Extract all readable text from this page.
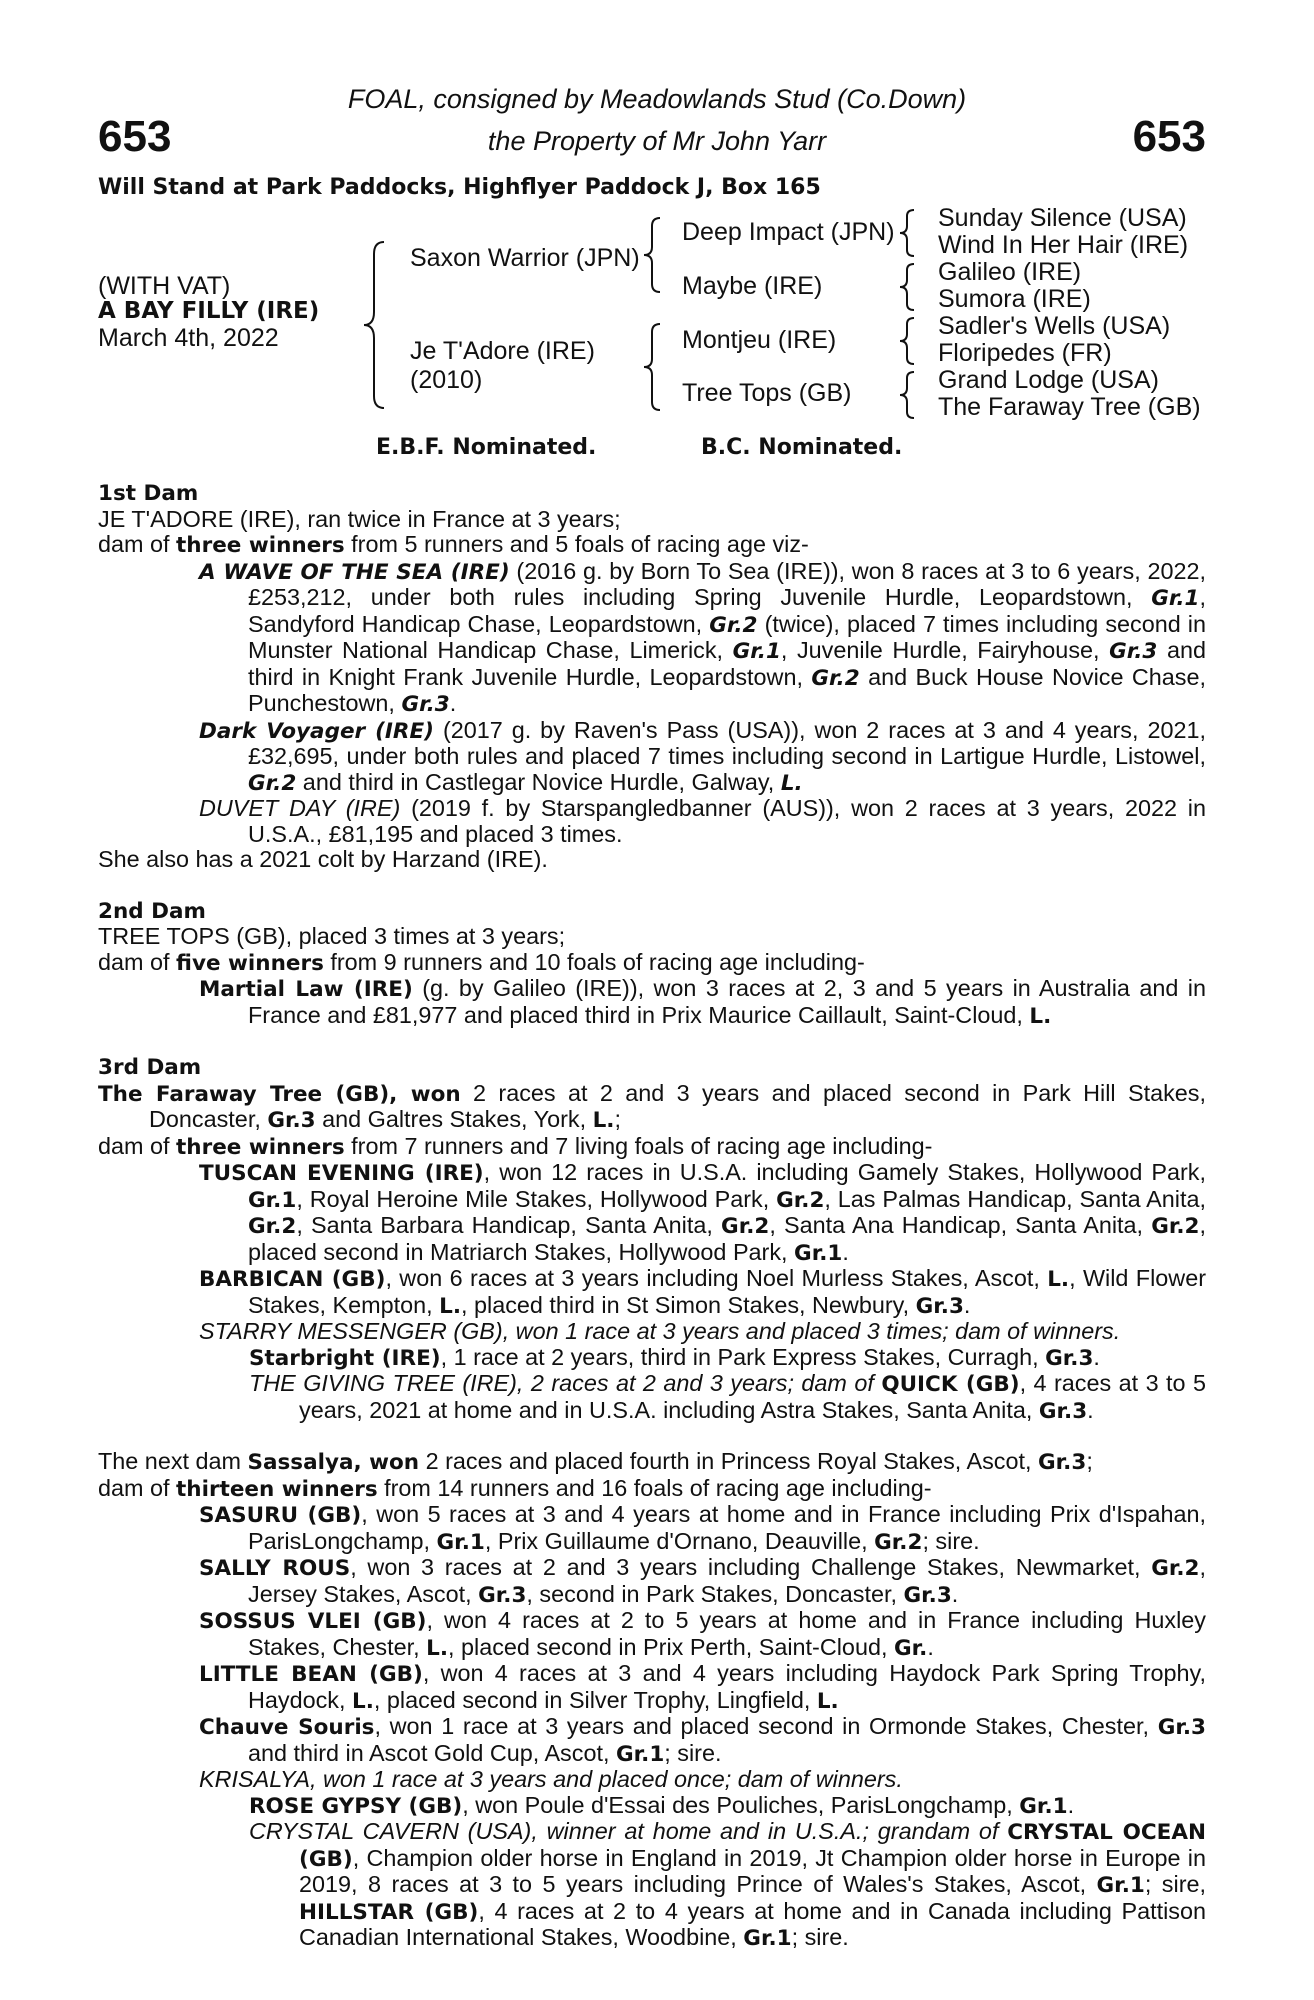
653	653
FOAL, consigned by Meadowlands Stud (Co.Down)
the Property of Mr John Yarr
Will Stand at Park Paddocks, Highflyer Paddock J, Box 165
(WITH VAT)
A BAY FILLY (IRE)
March 4th, 2022
Saxon Warrior (JPN)
Je T'Adore (IRE)
(2010)
Deep Impact (JPN)
Maybe (IRE)
Montjeu (IRE)
Tree Tops (GB)
Sunday Silence (USA)
Wind In Her Hair (IRE)
Galileo (IRE)
Sumora (IRE)
Sadler's Wells (USA)
Floripedes (FR)
Grand Lodge (USA)
The Faraway Tree (GB)
E.B.F. Nominated.	B.C. Nominated.
1st Dam
JE T'ADORE (IRE), ran twice in France at 3 years;
dam of three winners from 5 runners and 5 foals of racing age viz-
A WAVE OF THE SEA (IRE) (2016 g. by Born To Sea (IRE)), won 8 races at 3 to 6 years, 2022, £253,212, under both rules including Spring Juvenile Hurdle, Leopardstown, Gr.1, Sandyford Handicap Chase, Leopardstown, Gr.2 (twice), placed 7 times including second in Munster National Handicap Chase, Limerick, Gr.1, Juvenile Hurdle, Fairyhouse, Gr.3 and third in Knight Frank Juvenile Hurdle, Leopardstown, Gr.2 and Buck House Novice Chase, Punchestown, Gr.3.
Dark Voyager (IRE) (2017 g. by Raven's Pass (USA)), won 2 races at 3 and 4 years, 2021, £32,695, under both rules and placed 7 times including second in Lartigue Hurdle, Listowel, Gr.2 and third in Castlegar Novice Hurdle, Galway, L.
DUVET DAY (IRE) (2019 f. by Starspangledbanner (AUS)), won 2 races at 3 years, 2022 in U.S.A., £81,195 and placed 3 times.
She also has a 2021 colt by Harzand (IRE).
2nd Dam
TREE TOPS (GB), placed 3 times at 3 years;
dam of five winners from 9 runners and 10 foals of racing age including-
Martial Law (IRE) (g. by Galileo (IRE)), won 3 races at 2, 3 and 5 years in Australia and in France and £81,977 and placed third in Prix Maurice Caillault, Saint-Cloud, L.
3rd Dam
The Faraway Tree (GB), won 2 races at 2 and 3 years and placed second in Park Hill Stakes, Doncaster, Gr.3 and Galtres Stakes, York, L.;
dam of three winners from 7 runners and 7 living foals of racing age including-
TUSCAN EVENING (IRE), won 12 races in U.S.A. including Gamely Stakes, Hollywood Park, Gr.1, Royal Heroine Mile Stakes, Hollywood Park, Gr.2, Las Palmas Handicap, Santa Anita, Gr.2, Santa Barbara Handicap, Santa Anita, Gr.2, Santa Ana Handicap, Santa Anita, Gr.2, placed second in Matriarch Stakes, Hollywood Park, Gr.1.
BARBICAN (GB), won 6 races at 3 years including Noel Murless Stakes, Ascot, L., Wild Flower Stakes, Kempton, L., placed third in St Simon Stakes, Newbury, Gr.3.
STARRY MESSENGER (GB), won 1 race at 3 years and placed 3 times; dam of winners.
Starbright (IRE), 1 race at 2 years, third in Park Express Stakes, Curragh, Gr.3.
THE GIVING TREE (IRE), 2 races at 2 and 3 years; dam of QUICK (GB), 4 races at 3 to 5 years, 2021 at home and in U.S.A. including Astra Stakes, Santa Anita, Gr.3.
The next dam Sassalya, won 2 races and placed fourth in Princess Royal Stakes, Ascot, Gr.3;
dam of thirteen winners from 14 runners and 16 foals of racing age including-
SASURU (GB), won 5 races at 3 and 4 years at home and in France including Prix d'Ispahan, ParisLongchamp, Gr.1, Prix Guillaume d'Ornano, Deauville, Gr.2; sire.
SALLY ROUS, won 3 races at 2 and 3 years including Challenge Stakes, Newmarket, Gr.2, Jersey Stakes, Ascot, Gr.3, second in Park Stakes, Doncaster, Gr.3.
SOSSUS VLEI (GB), won 4 races at 2 to 5 years at home and in France including Huxley Stakes, Chester, L., placed second in Prix Perth, Saint-Cloud, Gr..
LITTLE BEAN (GB), won 4 races at 3 and 4 years including Haydock Park Spring Trophy, Haydock, L., placed second in Silver Trophy, Lingfield, L.
Chauve Souris, won 1 race at 3 years and placed second in Ormonde Stakes, Chester, Gr.3 and third in Ascot Gold Cup, Ascot, Gr.1; sire.
KRISALYA, won 1 race at 3 years and placed once; dam of winners.
ROSE GYPSY (GB), won Poule d'Essai des Pouliches, ParisLongchamp, Gr.1.
CRYSTAL CAVERN (USA), winner at home and in U.S.A.; grandam of CRYSTAL OCEAN (GB), Champion older horse in England in 2019, Jt Champion older horse in Europe in 2019, 8 races at 3 to 5 years including Prince of Wales's Stakes, Ascot, Gr.1; sire, HILLSTAR (GB), 4 races at 2 to 4 years at home and in Canada including Pattison Canadian International Stakes, Woodbine, Gr.1; sire.
